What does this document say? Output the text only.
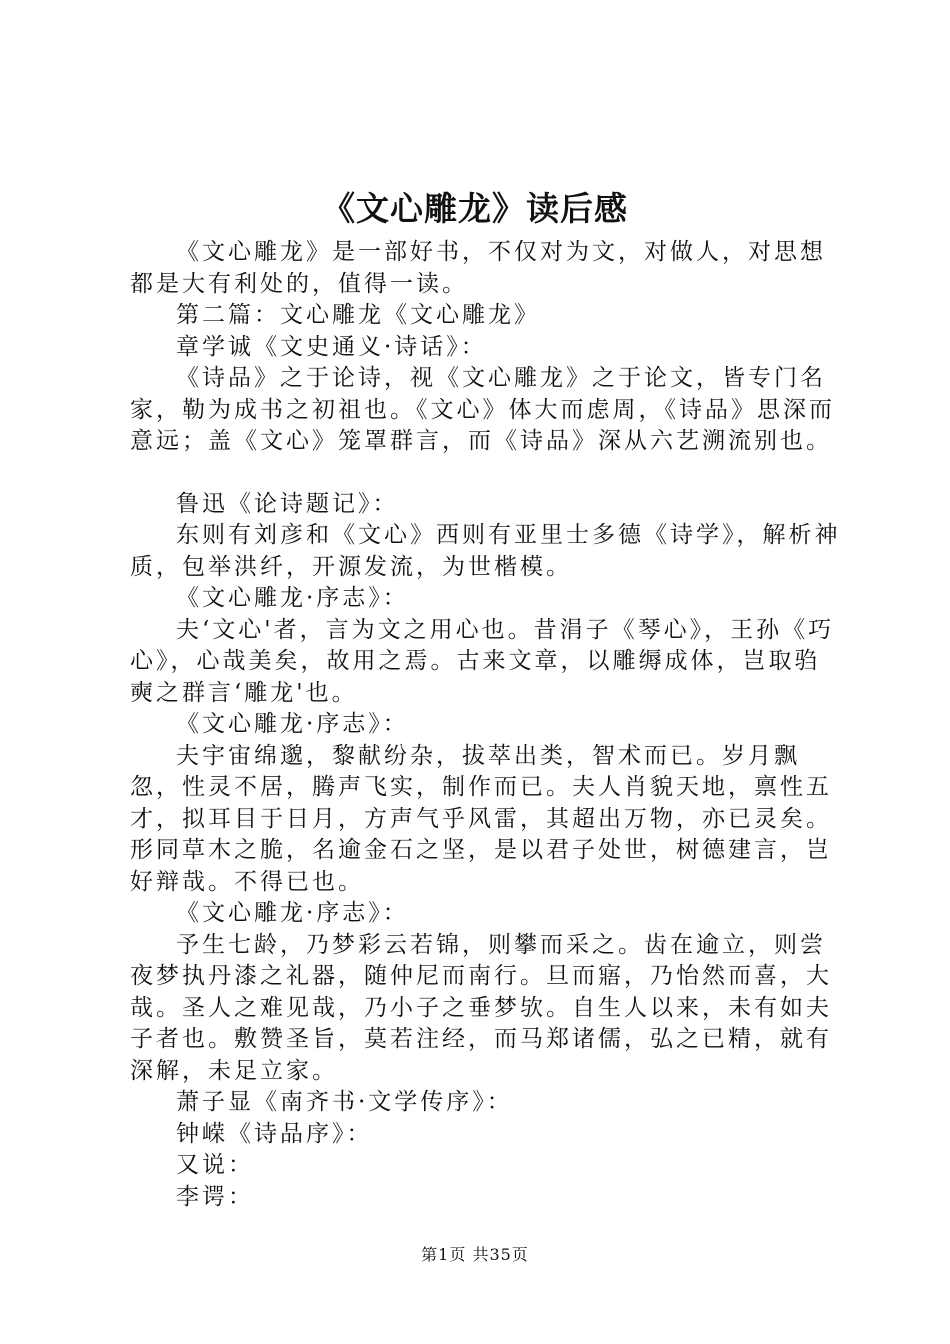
《文心雕龙》读后感

《文心雕龙》是一部好书，不仅对为文，对做人，对思想都是大有利处的，值得一读。

第二篇：文心雕龙《文心雕龙》

章学诚《文史通义·诗话》：

《诗品》之于论诗，视《文心雕龙》之于论文，皆专门名家，勒为成书之初祖也。《文心》体大而虑周，《诗品》思深而意远；盖《文心》笼罩群言，而《诗品》深从六艺溯流别也。

鲁迅《论诗题记》：

东则有刘彦和《文心》西则有亚里士多德《诗学》，解析神质，包举洪纤，开源发流，为世楷模。

《文心雕龙·序志》：

夫‘文心'者，言为文之用心也。昔涓子《琴心》，王孙《巧心》，心哉美矣，故用之焉。古来文章，以雕缛成体，岂取驺奭之群言‘雕龙'也。

《文心雕龙·序志》：

夫宇宙绵邈，黎献纷杂，拔萃出类，智术而已。岁月飘忽，性灵不居，腾声飞实，制作而已。夫人肖貌天地，禀性五才，拟耳目于日月，方声气乎风雷，其超出万物，亦已灵矣。形同草木之脆，名逾金石之坚，是以君子处世，树德建言，岂好辩哉。不得已也。

《文心雕龙·序志》：

予生七龄，乃梦彩云若锦，则攀而采之。齿在逾立，则尝夜梦执丹漆之礼器，随仲尼而南行。旦而寤，乃怡然而喜，大哉。圣人之难见哉，乃小子之垂梦欤。自生人以来，未有如夫子者也。敷赞圣旨，莫若注经，而马郑诸儒，弘之已精，就有深解，未足立家。

萧子显《南齐书·文学传序》：

钟嵘《诗品序》：

又说：

李谔：

第1页 共35页
